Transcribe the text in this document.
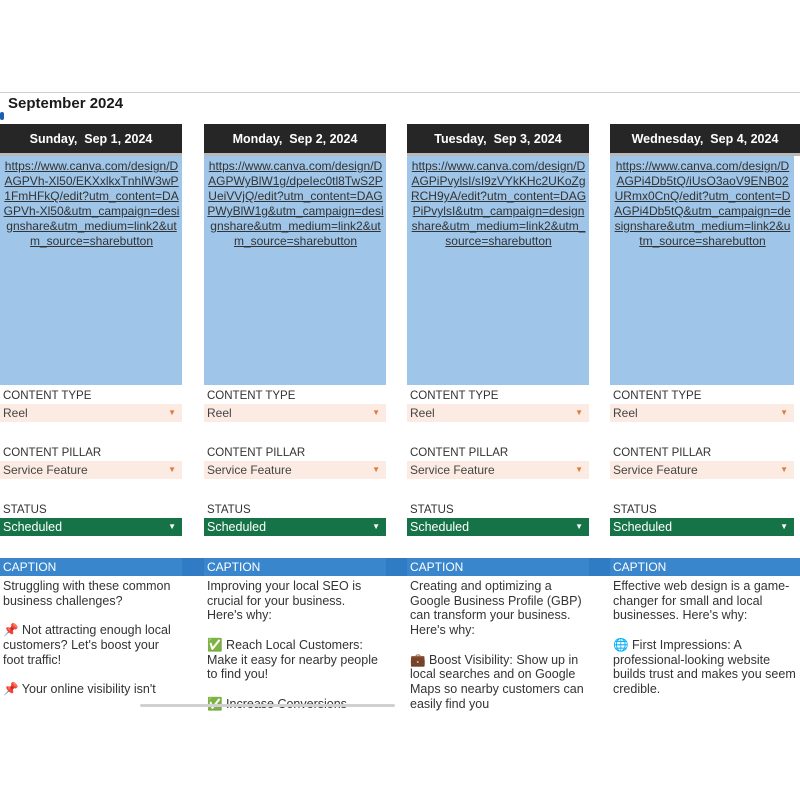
September 2024
Sunday,  Sep 1, 2024
https://www.canva.com/design/DAGPVh-Xl50/EKXxlkxTnhlW3wP1FmHFkQ/edit?utm_content=DAGPVh-Xl50&utm_campaign=designshare&utm_medium=link2&utm_source=sharebutton
CONTENT TYPE
Reel	▼
CONTENT PILLAR
Service Feature	▼
STATUS
Scheduled	▼
CAPTION
Struggling with these common business challenges?

📌 Not attracting enough local customers? Let's boost your foot traffic!

📌 Your online visibility isn't
Monday,  Sep 2, 2024
https://www.canva.com/design/DAGPWyBlW1g/dpeIec0tl8TwS2PUeiVVjQ/edit?utm_content=DAGPWyBlW1g&utm_campaign=designshare&utm_medium=link2&utm_source=sharebutton
CONTENT TYPE
Reel	▼
CONTENT PILLAR
Service Feature	▼
STATUS
Scheduled	▼
CAPTION
Improving your local SEO is crucial for your business. Here's why:

✅ Reach Local Customers: Make it easy for nearby people to find you!

Tuesday,  Sep 3, 2024
https://www.canva.com/design/DAGPiPvylsI/sI9zVYkKHc2UKoZgRCH9yA/edit?utm_content=DAGPiPvylsI&utm_campaign=designshare&utm_medium=link2&utm_source=sharebutton
CONTENT TYPE
Reel	▼
CONTENT PILLAR
Service Feature	▼
STATUS
Scheduled	▼
CAPTION
Creating and optimizing a Google Business Profile (GBP) can transform your business. Here's why:

💼 Boost Visibility: Show up in local searches and on Google Maps so nearby customers can easily find you
Wednesday,  Sep 4, 2024
https://www.canva.com/design/DAGPi4Db5tQ/iUsO3aoV9ENB02URmx0CnQ/edit?utm_content=DAGPi4Db5tQ&utm_campaign=designshare&utm_medium=link2&utm_source=sharebutton
CONTENT TYPE
Reel	▼
CONTENT PILLAR
Service Feature	▼
STATUS
Scheduled	▼
CAPTION
Effective web design is a game-changer for small and local businesses. Here's why:

🌐 First Impressions: A professional-looking website builds trust and makes you seem credible.
